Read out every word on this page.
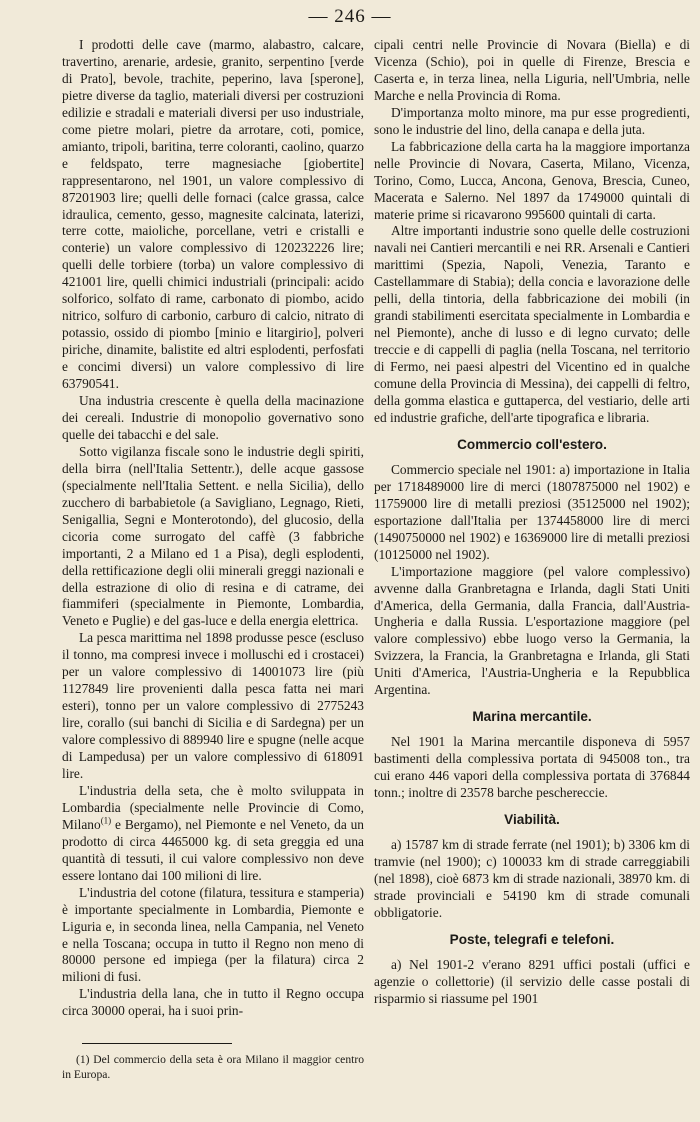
— 246 —

I prodotti delle cave (marmo, alabastro, calcare, travertino, arenarie, ardesie, granito, serpentino [verde di Prato], bevole, trachite, peperino, lava [sperone], pietre diverse da taglio, materiali diversi per costruzioni edilizie e stradali e materiali diversi per uso industriale, come pietre molari, pietre da arrotare, coti, pomice, amianto, tripoli, baritina, terre coloranti, caolino, quarzo e feldspato, terre magnesiache [giobertite] rappresentarono, nel 1901, un valore complessivo di 87201903 lire; quelli delle fornaci (calce grassa, calce idraulica, cemento, gesso, magnesite calcinata, laterizi, terre cotte, maioliche, porcellane, vetri e cristalli e conterie) un valore complessivo di 120232226 lire; quelli delle torbiere (torba) un valore complessivo di 421001 lire, quelli chimici industriali (principali: acido solforico, solfato di rame, carbonato di piombo, acido nitrico, solfuro di carbonio, carburo di calcio, nitrato di potassio, ossido di piombo [minio e litargirio], polveri piriche, dinamite, balistite ed altri esplodenti, perfosfati e concimi diversi) un valore complessivo di lire 63790541.

Una industria crescente è quella della macinazione dei cereali. Industrie di monopolio governativo sono quelle dei tabacchi e del sale.

Sotto vigilanza fiscale sono le industrie degli spiriti, della birra (nell'Italia Settentr.), delle acque gassose (specialmente nell'Italia Settent. e nella Sicilia), dello zucchero di barbabietole (a Savigliano, Legnago, Rieti, Senigallia, Segni e Monterotondo), del glucosio, della cicoria come surrogato del caffè (3 fabbriche importanti, 2 a Milano ed 1 a Pisa), degli esplodenti, della rettificazione degli olii minerali greggi nazionali e della estrazione di olio di resina e di catrame, dei fiammiferi (specialmente in Piemonte, Lombardia, Veneto e Puglie) e del gas-luce e della energia elettrica.

La pesca marittima nel 1898 produsse pesce (escluso il tonno, ma compresi invece i molluschi ed i crostacei) per un valore complessivo di 14001073 lire (più 1127849 lire provenienti dalla pesca fatta nei mari esteri), tonno per un valore complessivo di 2775243 lire, corallo (sui banchi di Sicilia e di Sardegna) per un valore complessivo di 889940 lire e spugne (nelle acque di Lampedusa) per un valore complessivo di 618091 lire.

L'industria della seta, che è molto sviluppata in Lombardia (specialmente nelle Provincie di Como, Milano$^{(1)}$ e Bergamo), nel Piemonte e nel Veneto, da un prodotto di circa 4465000 kg. di seta greggia ed una quantità di tessuti, il cui valore complessivo non deve essere lontano dai 100 milioni di lire.

L'industria del cotone (filatura, tessitura e stamperia) è importante specialmente in Lombardia, Piemonte e Liguria e, in seconda linea, nella Campania, nel Veneto e nella Toscana; occupa in tutto il Regno non meno di 80000 persone ed impiega (per la filatura) circa 2 milioni di fusi.

L'industria della lana, che in tutto il Regno occupa circa 30000 operai, ha i suoi prin-

cipali centri nelle Provincie di Novara (Biella) e di Vicenza (Schio), poi in quelle di Firenze, Brescia e Caserta e, in terza linea, nella Liguria, nell'Umbria, nelle Marche e nella Provincia di Roma.

D'importanza molto minore, ma pur esse progredienti, sono le industrie del lino, della canapa e della juta.

La fabbricazione della carta ha la maggiore importanza nelle Provincie di Novara, Caserta, Milano, Vicenza, Torino, Como, Lucca, Ancona, Genova, Brescia, Cuneo, Macerata e Salerno. Nel 1897 da 1749000 quintali di materie prime si ricavarono 995600 quintali di carta.

Altre importanti industrie sono quelle delle costruzioni navali nei Cantieri mercantili e nei RR. Arsenali e Cantieri marittimi (Spezia, Napoli, Venezia, Taranto e Castellammare di Stabia); della concia e lavorazione delle pelli, della tintoria, della fabbricazione dei mobili (in grandi stabilimenti esercitata specialmente in Lombardia e nel Piemonte), anche di lusso e di legno curvato; delle treccie e di cappelli di paglia (nella Toscana, nel territorio di Fermo, nei paesi alpestri del Vicentino ed in qualche comune della Provincia di Messina), dei cappelli di feltro, della gomma elastica e guttaperca, del vestiario, delle arti ed industrie grafiche, dell'arte tipografica e libraria.

Commercio coll'estero.

Commercio speciale nel 1901: a) importazione in Italia per 1718489000 lire di merci (1807875000 nel 1902) e 11759000 lire di metalli preziosi (35125000 nel 1902); esportazione dall'Italia per 1374458000 lire di merci (1490750000 nel 1902) e 16369000 lire di metalli preziosi (10125000 nel 1902).

L'importazione maggiore (pel valore complessivo) avvenne dalla Granbretagna e Irlanda, dagli Stati Uniti d'America, della Germania, dalla Francia, dall'Austria-Ungheria e dalla Russia. L'esportazione maggiore (pel valore complessivo) ebbe luogo verso la Germania, la Svizzera, la Francia, la Granbretagna e Irlanda, gli Stati Uniti d'America, l'Austria-Ungheria e la Repubblica Argentina.

Marina mercantile.

Nel 1901 la Marina mercantile disponeva di 5957 bastimenti della complessiva portata di 945008 ton., tra cui erano 446 vapori della complessiva portata di 376844 tonn.; inoltre di 23578 barche peschereccie.

Viabilità.

a) 15787 km di strade ferrate (nel 1901); b) 3306 km di tramvie (nel 1900); c) 100033 km di strade carreggiabili (nel 1898), cioè 6873 km di strade nazionali, 38970 km. di strade provinciali e 54190 km di strade comunali obbligatorie.

Poste, telegrafi e telefoni.

a) Nel 1901-2 v'erano 8291 uffici postali (uffici e agenzie o collettorie) (il servizio delle casse postali di risparmio si riassume pel 1901

(1) Del commercio della seta è ora Milano il maggior centro in Europa.
